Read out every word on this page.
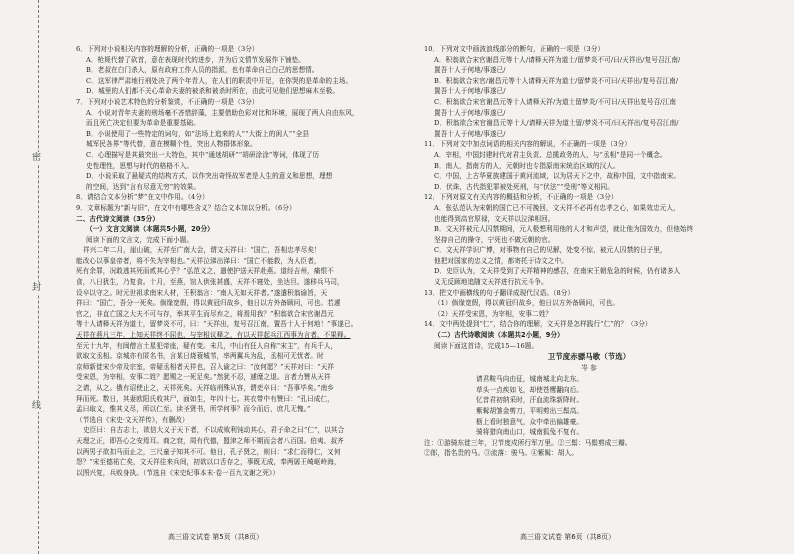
密
封
线
6．下列对小说相关内容的理解的分析，正确的一项是（3分）
A．枪毙代替了砍首，意在表现时代的进步，并为后文情节发展作下铺垫。
B．老叔在白门杀人，原有政府工作人员的指派，也有革命自己白己的思想情。
C．这军律严肃地行刑处决了两个年青人，在人们的职责中开足，在你哭的是革命的主场。
D．城里的人们都不关心革命夫妻的被杀和被杀时所在，由此可见他们思想麻木至极。
7．下列对小说艺术特色的分析鉴赏，不正确的一项是（3分）
A．小说对青年夫妻的刑场毫不吝惜辞藻，主要借助色彩对比和环境，展现了两人自由东风，
而且死亡决定但要为革命是重要基础。
B．小说使用了一些特定的词句，如“法场上追来的人”“大街上的闲人”“全县
城军民各界”等代替，意在模糊个性，突出人物群体形象。
C．心理描写是其最突出一大特色，其中“通迷胡研”“胡研涂涂”等词，体现了历
史性理性，思想与时代的格格不入。
D．小说采取了悬疑式的结构方式，以作突出奇怪故军老是人生的意义和思想，理想
的空间，达到“言有尽意无穷”的效果。
8．请结合文本分析“梦”在文中作用。（4分）
9．文章标题为“新与旧”，在文中有哪些含义？结合文本加以分析。（6分）
二、古代诗文阅读（35分）
（一）文言文阅读（本题共5小题，20分）
阅读下面的文言文，完成下面小题。
祥兴二年二月，崖山破，天祥至广南大会，谓文天祥曰：“国亡，吾相忠孝尽矣！
能改心以事皇帝者，将不失为宰相也。”天祥泣涕出涕曰：“国亡不能救，为人臣者，
死有余罪，况敢逃其死而贰其心乎？”弘范义之，遣使护送天祥赴燕。道经吉州，痛恨不
食，八日犹生，乃复食。十月，至燕，馆人供张甚盛，天祥不寝处，坐达旦。遂移兵马司，
设卒以守之。时元世祖求南宋人材，王积翁言：“南人无如天祥者。”遂遣积翁谕旨，天
祥曰：“国亡，吾分一死矣。倘缘宽假，得以黄冠归故乡，他日以方外备顾问，可也。若遽
官之，非直亡国之大夫不可与存，举其平生而尽弃之，将焉用我？”积翁欲合宋官谢昌元
等十人请释天祥为道士，留梦炎不可，曰：“天祥出，复号召江南，置吾十人于何地！”事遂已。
天祥在燕凡三年，上知天祥终不屈也，与宰相议释之，有以天祥起兵江西事为言者，不果释。
至元十九年，有闽僧言土星犯帝座，疑有变。未几，中山有狂人自称“宋主”，有兵千人，
欲取文丞相。京城亦有匿名书，言某日烧蓑城苇，率两翼兵为乱，丞相可无忧者。时
京师新徙宋少帝及宗室，帝疑丞相者天祥也，召入谕之曰：“汝何愿？”天祥对曰：“天祥
受宋恩，为宰相，安事二姓？愿赐之一死足矣。”然犹不忍，遽麾之退。言者力赞从天祥
之请，从之。俄有诏使止之，天祥死矣。天祥临刑殊从容，谓吏卒曰：“吾事毕矣。”南乡
拜而死。数日，其妻欧阳氏收其尸，面如生，年四十七。其衣带中有赞曰：“孔曰成仁，
孟曰取义，惟其义尽，所以仁至。读圣贤书，所学何事？而今而后，庶几无愧。”
（节选自《宋史·文天祥传》，有删改）
史臣曰：自古志士，欲信大义于天下者，不以成败利钝动其心，君子命之曰“仁”，以其合
天理之正，即吾心之安焉耳。商之衰，周有代德，盟津之师不期而会者八百国。伯夷、叔齐
以两男子欲扣马而止之，三尺童子知其不可。他日，孔子贤之，则曰：“求仁而得仁，又何
怨？”宋至德祐亡矣，文天祥往来兵间，初欲以口舌存之，事既无成，奉两孱王崎岖岭海，
以图兴复，兵败身执。（节选自《宋史纪事本末·卷一百九文谢之死》）
10．下列对文中画波浪线部分的断句，正确的一项是（3分）
A．积翁欲合宋官谢昌元等十人/请释天祥为道士/留梦炎不可/曰/天祥出/复号召江南/
置吾十人于何地/事遂已/
B．积翁欲合宋官/谢昌元等十人请释天祥为道士/留梦炎不可曰/天祥出/复号召江南/
置吾十人于何地/事遂已/
C．积翁欲合宋官谢昌元等十人请释天祥/为道士留梦炎/不可曰/天祥出复号召/江南
置吾十人于何地/事遂已/
D．积翁欲合宋官谢昌元等十人/请释天祥为道士留/梦炎不可/曰天祥出/复号召江南/
置吾十人于何地/事遂已/
11．下列对文中加点词语的相关内容的解说，不正确的一项是（3分）
A．宰相，中国封建时代对君主负责、总揽政务的人，与“丞相”是同一个概念。
B．南人，指南方的人，元朝时也专指原南宋统治区域的汉人。
C．中国，上古华夏族建国于黄河流域，以为居天下之中，故称中国，文中指南宋。
D．伏诛，古代指犯罪被处死刑，与“伏法”“受刑”等义相同。
12．下列对原文有关内容的概括和分析，不正确的一项是（3分）
A．张弘范认为宋朝的国亡已不可挽回，文天祥不必再有忠孝之心，如果效忠元人，
也能得到高官厚禄，文天祥以泣涕相回。
B．文天祥被元人囚禁期间，元人极想利用他的人才和声望，就让他为国效力，但他始终
坚持自己的操守，宁死也不做元朝的官。
C．文天祥学识广博，对事物有自己的见解，处变不惊，被元人囚禁的日子里，
他把对国家的忠义之情，都寄托于诗文之中。
D．史臣认为，文天祥受到了天祥精神的感召，在南宋王朝危急的时候，仍有诸多人
义无反顾地追随文天祥进行抗元斗争。
13．把文中画横线的句子翻译成现代汉语。（8分）
（1）倘缘宽假，得以黄冠归故乡，他日以方外备顾问，可也。
（2）天祥受宋恩，为宰相，安事二姓？
14．文中两处提到“仁”，结合你的理解，文天祥是怎样践行“仁”的？（3分）
（二）古代诗歌阅读（本题共2小题，9分）
阅读下面这首诗，完成15—16题。
卫节度赤骠马歌（节选）
岑 参
请君鞍马向由征，城南城北向北东。
草头一点疾如飞，却使苍鹰翻向后。
忆昔君初纳采时，汗血流珠新降时。
紫髯胡雏金剪刀，平明剪出三鬃高。
枥上看时独意气，众中牵出偏雄豪。
骑将猎向南山口，城南狐兔不复有。
注：①游骑东徙三年，卫节度戍所行军万里。②三鬃：马鬃剪成三瓣。
②郎，指名贵的马。③流落：骏马。④紫髯：胡人。
高三语文试卷 第5页（共8页）	高三语文试卷 第6页（共8页）
